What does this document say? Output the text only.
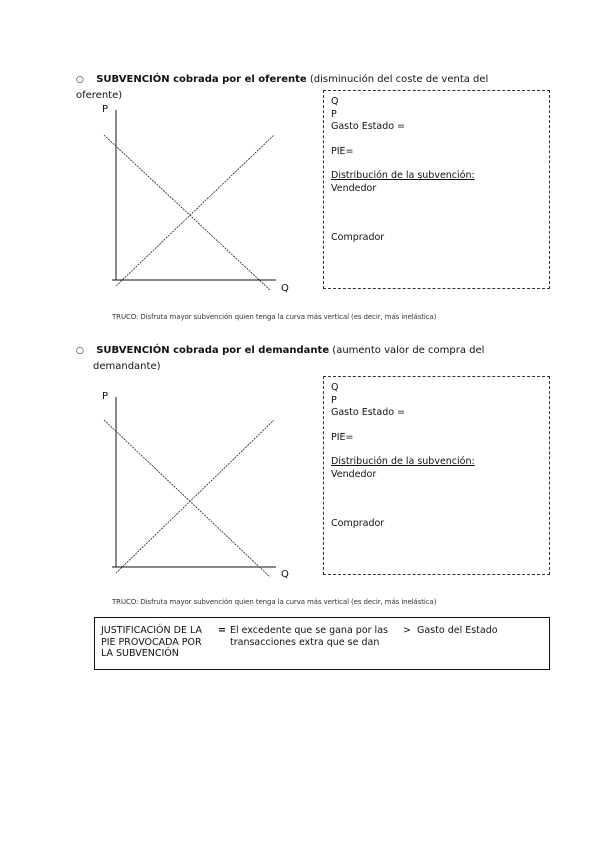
○ SUBVENCIÓN cobrada por el oferente (disminución del coste de venta del oferente)
P
Q
Q
P
Gasto Estado =
PIE=
Distribución de la subvención:
Vendedor
Comprador
TRUCO: Disfruta mayor subvención quien tenga la curva más vertical (es decir, más inelástica)
○ SUBVENCIÓN cobrada por el demandante (aumento valor de compra del
demandante)
P
Q
Q
P
Gasto Estado =
PIE=
Distribución de la subvención:
Vendedor
Comprador
TRUCO: Disfruta mayor subvención quien tenga la curva más vertical (es decir, más inelástica)
JUSTIFICACIÓN DE LA
PIE PROVOCADA POR
LA SUBVENCIÓN
= El excedente que se gana por las
transacciones extra que se dan
> Gasto del Estado
